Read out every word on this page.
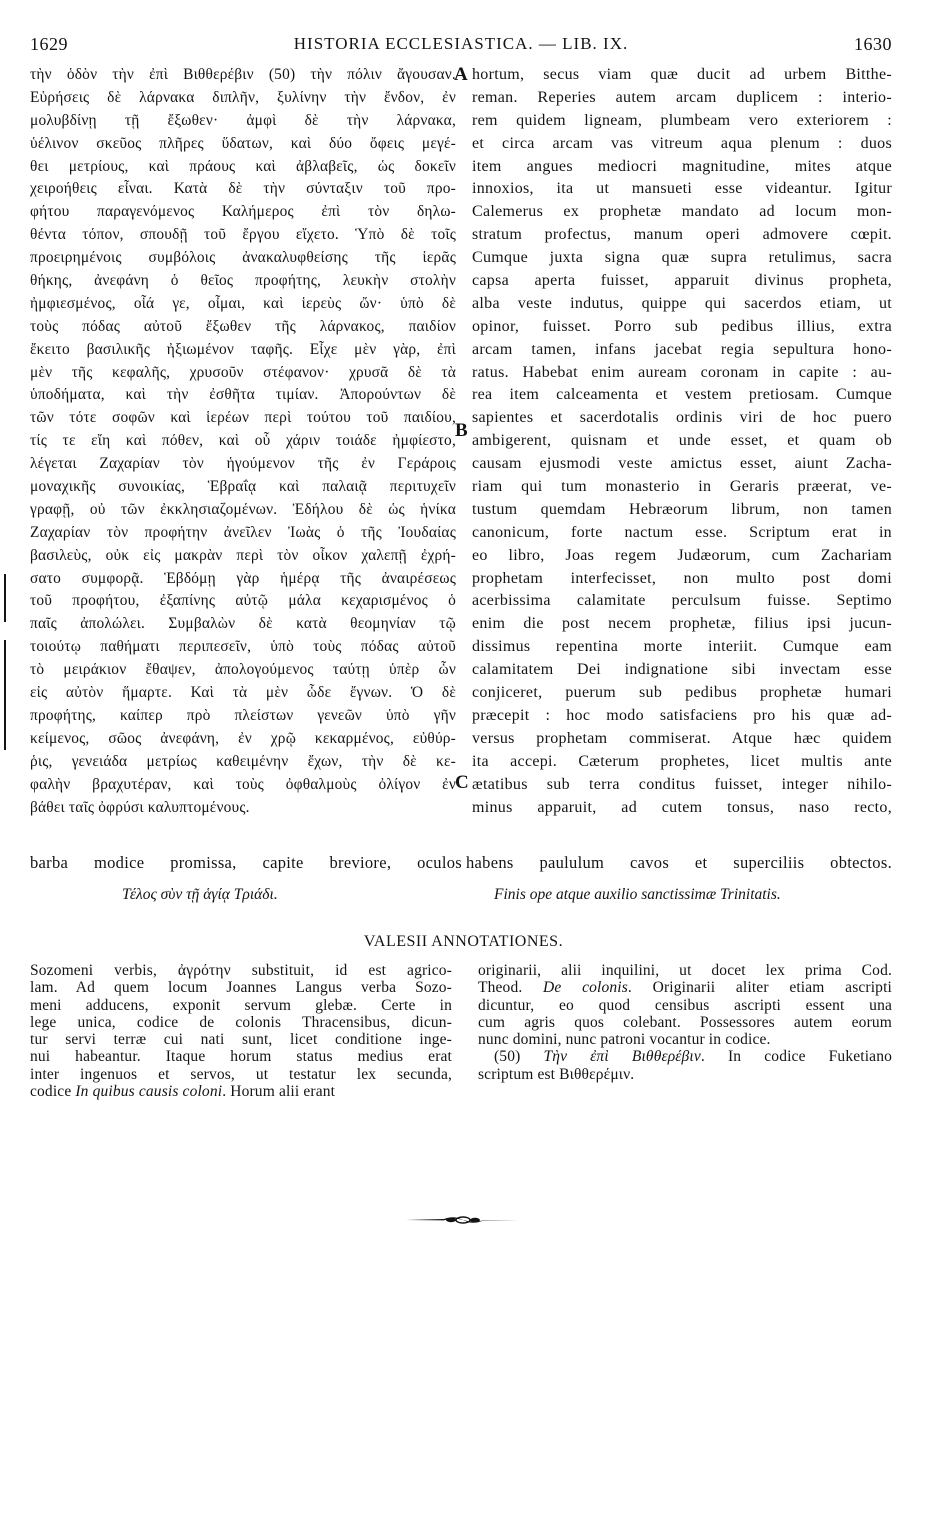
1629	HISTORIA ECCLESIASTICA. — LIB. IX.	1630
τὴν ὁδὸν τὴν ἐπὶ Βιθθερέβιν (50) τὴν πόλιν ἄγουσαν.
Εὑρήσεις δὲ λάρνακα διπλῆν, ξυλίνην τὴν ἔνδον, ἐν
μολυβδίνῃ τῇ ἔξωθεν· ἀμφὶ δὲ τὴν λάρνακα,
ὑέλινον σκεῦος πλῆρες ὕδατων, καὶ δύο ὄφεις μεγέ-
θει μετρίους, καὶ πράους καὶ ἀβλαβεῖς, ὡς δοκεῖν
χειροήθεις εἶναι. Κατὰ δὲ τὴν σύνταξιν τοῦ προ-
φήτου παραγενόμενος Καλήμερος ἐπὶ τὸν δηλω-
θέντα τόπον, σπουδῇ τοῦ ἔργου εἴχετο. Ὑπὸ δὲ τοῖς
προειρημένοις συμβόλοις ἀνακαλυφθείσης τῆς ἱερᾶς
θήκης, ἀνεφάνη ὁ θεῖος προφήτης, λευκὴν στολὴν
ἠμφιεσμένος, οἷά γε, οἶμαι, καὶ ἱερεὺς ὤν· ὑπὸ δὲ
τοὺς πόδας αὐτοῦ ἔξωθεν τῆς λάρνακος, παιδίον
ἔκειτο βασιλικῆς ἠξιωμένον ταφῆς. Εἶχε μὲν γὰρ, ἐπὶ
μὲν τῆς κεφαλῆς, χρυσοῦν στέφανον· χρυσᾶ δὲ τὰ
ὑποδήματα, καὶ τὴν ἐσθῆτα τιμίαν. Ἀπορούντων δὲ
τῶν τότε σοφῶν καὶ ἱερέων περὶ τούτου τοῦ παιδίου,
τίς τε εἴη καὶ πόθεν, καὶ οὗ χάριν τοιάδε ἠμφίεστο,
λέγεται Ζαχαρίαν τὸν ἡγούμενον τῆς ἐν Γεράροις
μοναχικῆς συνοικίας, Ἑβραΐᾳ καὶ παλαιᾷ περιτυχεῖν
γραφῇ, οὐ τῶν ἐκκλησιαζομένων. Ἐδήλου δὲ ὡς ἡνίκα
Ζαχαρίαν τὸν προφήτην ἀνεῖλεν Ἰωὰς ὁ τῆς Ἰουδαίας
βασιλεὺς, οὐκ εἰς μακρὰν περὶ τὸν οἶκον χαλεπῇ ἐχρή-
σατο συμφορᾷ. Ἑβδόμῃ γὰρ ἡμέρᾳ τῆς ἀναιρέσεως
τοῦ προφήτου, ἐξαπίνης αὐτῷ μάλα κεχαρισμένος ὁ
παῖς ἀπολώλει. Συμβαλὼν δὲ κατὰ θεομηνίαν τῷ
τοιούτῳ παθήματι περιπεσεῖν, ὑπὸ τοὺς πόδας αὐτοῦ
τὸ μειράκιον ἔθαψεν, ἀπολογούμενος ταύτῃ ὑπὲρ ὧν
εἰς αὐτὸν ἥμαρτε. Καὶ τὰ μὲν ὧδε ἔγνων. Ὁ δὲ
προφήτης, καίπερ πρὸ πλείστων γενεῶν ὑπὸ γῆν
κείμενος, σῶος ἀνεφάνη, ἐν χρῷ κεκαρμένος, εὐθύρ-
ῥις, γενειάδα μετρίως καθειμένην ἔχων, τὴν δὲ κε-
φαλὴν βραχυτέραν, καὶ τοὺς ὀφθαλμοὺς ὀλίγον ἐν
βάθει ταῖς ὀφρύσι καλυπτομένους.
hortum, secus viam quæ ducit ad urbem Bitthe-
reman. Reperies autem arcam duplicem : interio-
rem quidem ligneam, plumbeam vero exteriorem :
et circa arcam vas vitreum aqua plenum : duos
item angues mediocri magnitudine, mites atque
innoxios, ita ut mansueti esse videantur. Igitur
Calemerus ex prophetæ mandato ad locum mon-
stratum profectus, manum operi admovere cœpit.
Cumque juxta signa quæ supra retulimus, sacra
capsa aperta fuisset, apparuit divinus propheta,
alba veste indutus, quippe qui sacerdos etiam, ut
opinor, fuisset. Porro sub pedibus illius, extra
arcam tamen, infans jacebat regia sepultura hono-
ratus. Habebat enim auream coronam in capite : au-
rea item calceamenta et vestem pretiosam. Cumque
sapientes et sacerdotalis ordinis viri de hoc puero
ambigerent, quisnam et unde esset, et quam ob
causam ejusmodi veste amictus esset, aiunt Zacha-
riam qui tum monasterio in Geraris præerat, ve-
tustum quemdam Hebræorum librum, non tamen
canonicum, forte nactum esse. Scriptum erat in
eo libro, Joas regem Judæorum, cum Zachariam
prophetam interfecisset, non multo post domi
acerbissima calamitate perculsum fuisse. Septimo
enim die post necem prophetæ, filius ipsi jucun-
dissimus repentina morte interiit. Cumque eam
calamitatem Dei indignatione sibi invectam esse
conjiceret, puerum sub pedibus prophetæ humari
præcepit : hoc modo satisfaciens pro his quæ ad-
versus prophetam commiserat. Atque hæc quidem
ita accepi. Cæterum prophetes, licet multis ante
ætatibus sub terra conditus fuisset, integer nihilo-
minus apparuit, ad cutem tonsus, naso recto,
A
B
C
barba modice promissa, capite breviore, oculos habens paululum cavos et superciliis obtectos.
Τέλος σὺν τῇ ἁγίᾳ Τριάδι.	Finis ope atque auxilio sanctissimæ Trinitatis.
VALESII ANNOTATIONES.
Sozomeni verbis, ἀγρότην substituit, id est agrico-
lam. Ad quem locum Joannes Langus verba Sozo-
meni adducens, exponit servum glebæ. Certe in
lege unica, codice de colonis Thracensibus, dicun-
tur servi terræ cui nati sunt, licet conditione inge-
nui habeantur. Itaque horum status medius erat
inter ingenuos et servos, ut testatur lex secunda,
codice In quibus causis coloni. Horum alii erant
originarii, alii inquilini, ut docet lex prima Cod.
Theod. De colonis. Originarii aliter etiam ascripti
dicuntur, eo quod censibus ascripti essent una
cum agris quos colebant. Possessores autem eorum
nunc domini, nunc patroni vocantur in codice.
(50) Τὴν ἐπὶ Βιθθερέβιν. In codice Fuketiano
scriptum est Βιθθερέμιν.
